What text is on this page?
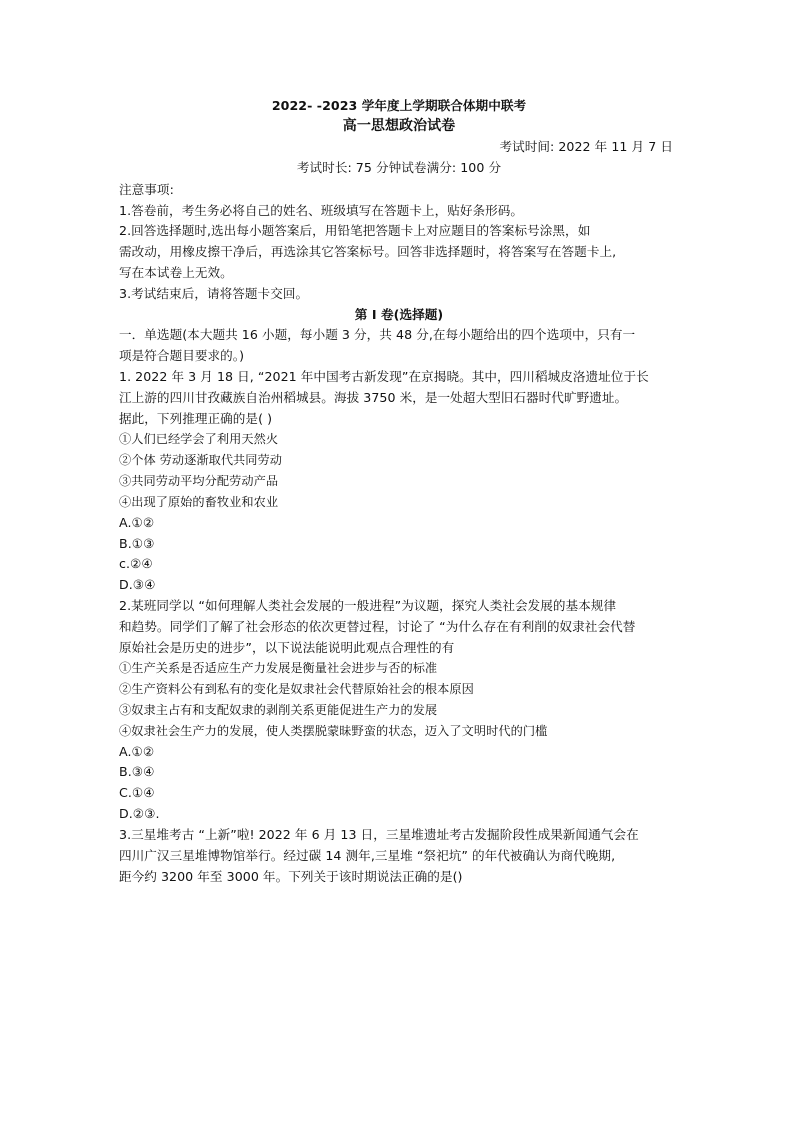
2022- -2023 学年度上学期联合体期中联考
高一思想政治试卷
考试时间: 2022 年 11 月 7 日
考试时长: 75 分钟试卷满分: 100 分
注意事项:
1.答卷前，考生务必将自己的姓名、班级填写在答题卡上，贴好条形码。
2.回答选择题时,选出每小题答案后，用铅笔把答题卡上对应题目的答案标号涂黑，如
需改动，用橡皮擦干净后，再选涂其它答案标号。回答非选择题时，将答案写在答题卡上,
写在本试卷上无效。
3.考试结束后，请将答题卡交回。
第 I 卷(选择题)
一．单选题(本大题共 16 小题，每小题 3 分，共 48 分,在每小题给出的四个选项中，只有一
项是符合题目要求的。)
1. 2022 年 3 月 18 日, “2021 年中国考古新发现”在京揭晓。其中，四川稻城皮洛遗址位于长
江上游的四川甘孜藏族自治州稻城县。海拔 3750 米，是一处超大型旧石器时代旷野遗址。
据此，下列推理正确的是( )
①人们已经学会了利用天然火
②个体 劳动逐渐取代共同劳动
③共同劳动平均分配劳动产品
④出现了原始的畜牧业和农业
A.①②
B.①③
c.②④
D.③④
2.某班同学以 “如何理解人类社会发展的一般进程”为议题，探究人类社会发展的基本规律
和趋势。同学们了解了社会形态的依次更替过程，讨论了 “为什么存在有利削的奴隶社会代替
原始社会是历史的进步”，以下说法能说明此观点合理性的有
①生产关系是否适应生产力发展是衡量社会进步与否的标准
②生产资料公有到私有的变化是奴隶社会代替原始社会的根本原因
③奴隶主占有和支配奴隶的剥削关系更能促进生产力的发展
④奴隶社会生产力的发展，使人类摆脱蒙昧野蛮的状态，迈入了文明时代的门槛
A.①②
B.③④
C.①④
D.②③.
3.三星堆考古 “上新”啦! 2022 年 6 月 13 日，三星堆遗址考古发掘阶段性成果新闻通气会在
四川广汉三星堆博物馆举行。经过碳 14 测年,三星堆 “祭祀坑” 的年代被确认为商代晚期,
距今约 3200 年至 3000 年。下列关于该时期说法正确的是()
